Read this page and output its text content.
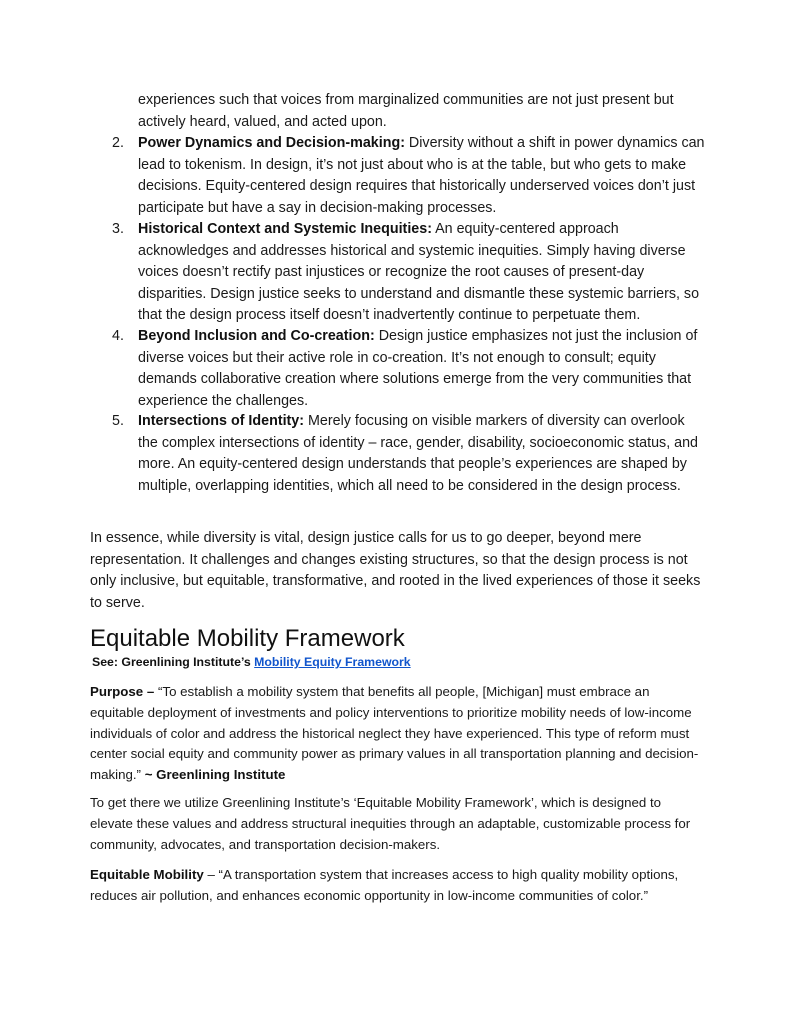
experiences such that voices from marginalized communities are not just present but actively heard, valued, and acted upon.
2. Power Dynamics and Decision-making: Diversity without a shift in power dynamics can lead to tokenism. In design, it’s not just about who is at the table, but who gets to make decisions. Equity-centered design requires that historically underserved voices don’t just participate but have a say in decision-making processes.
3. Historical Context and Systemic Inequities: An equity-centered approach acknowledges and addresses historical and systemic inequities. Simply having diverse voices doesn’t rectify past injustices or recognize the root causes of present-day disparities. Design justice seeks to understand and dismantle these systemic barriers, so that the design process itself doesn’t inadvertently continue to perpetuate them.
4. Beyond Inclusion and Co-creation: Design justice emphasizes not just the inclusion of diverse voices but their active role in co-creation. It’s not enough to consult; equity demands collaborative creation where solutions emerge from the very communities that experience the challenges.
5. Intersections of Identity: Merely focusing on visible markers of diversity can overlook the complex intersections of identity – race, gender, disability, socioeconomic status, and more. An equity-centered design understands that people’s experiences are shaped by multiple, overlapping identities, which all need to be considered in the design process.
In essence, while diversity is vital, design justice calls for us to go deeper, beyond mere representation. It challenges and changes existing structures, so that the design process is not only inclusive, but equitable, transformative, and rooted in the lived experiences of those it seeks to serve.
Equitable Mobility Framework
See: Greenlining Institute’s Mobility Equity Framework
Purpose – “To establish a mobility system that benefits all people, [Michigan] must embrace an equitable deployment of investments and policy interventions to prioritize mobility needs of low-income individuals of color and address the historical neglect they have experienced. This type of reform must center social equity and community power as primary values in all transportation planning and decision-making.” ~ Greenlining Institute
To get there we utilize Greenlining Institute’s ‘Equitable Mobility Framework’, which is designed to elevate these values and address structural inequities through an adaptable, customizable process for community, advocates, and transportation decision-makers.
Equitable Mobility – “A transportation system that increases access to high quality mobility options, reduces air pollution, and enhances economic opportunity in low-income communities of color.”
